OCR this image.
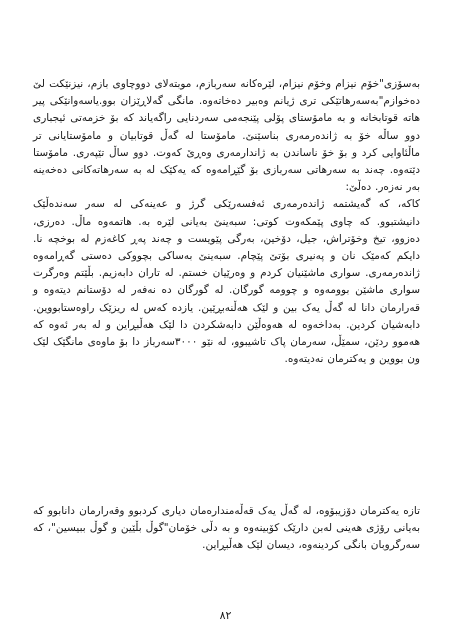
بەسۆزی"خۆم نیزام وخۆم نیزام، لێرەکانە سەربازم، موبتەلای دووچاوی بازم، نیزنێکت لێ دەخوازم"بەسەرهاتێکی تری ژیانم وەبیر دەخاتەوە. مانگی گەلاڕێزان بوو.یاسەوانێکی پیر هاتە قوتابخانە و بە مامۆستای پۆلی پێنجەمی سەردنایی راگەیاند کە بۆ خزمەتی ئیجباری دوو ساڵە خۆ بە ژاندەرمەری بناسێنێ. مامۆستا لە گەڵ قوتابیان و مامۆستایانی تر ماڵئاوایی کرد و بۆ خۆ ناساندن بە ژاندارمەری وەڕێ کەوت. دوو ساڵ تێپەری. مامۆستا دێتەوە. چەند بە سەرهاتی سەربازی بۆ گێڕامەوە کە یەکێک لە بە سەرهاتەکانی دەخەینە بەر نەزەر. دەڵێ:

کاکە، کە گەیشتمە ژاندەرمەری ئەفسەرێکی گرژ و عەینەکی لە سەر سەندەڵێک دانیشتبوو. کە چاوی پێمکەوت کوتی: سبەینێ بەیانی لێرە بە. هاتمەوە ماڵ. دەرزی، دەزوو، تیخ وخۆتراش، جیل، دۆخین، بەرگی پێویست و چەند پەڕ کاغەزم لە بوخچە نا. دایکم کەمێک نان و پەنیری بۆتێ پێچام. سبەینێ بەساکی بچووکی دەستی گەڕامەوە ژاندەرمەری. سواری ماشێنیان کردم و وەرێیان خستم. لە تاران دابەزیم. بڵێتم وەرگرت سواری ماشێن بوومەوە و چوومە گورگان. لە گورگان دە نەفەر لە دۆستانم دیتەوە و قەرارمان دانا لە گەڵ یەک بین و لێک هەڵنەبڕێین. یازدە کەس لە ریزێک راوەستابووین. دابەشیان کردین. بەداخەوە لە هەوەڵێن دابەشکردن دا لێک هەڵبڕاین و لە بەر ئەوە کە هەموو ردێن، سمێڵ، سەرمان پاک تاشیبوو، لە نێو ٣٠٠٠سەرباز دا بۆ ماوەی مانگێک لێک ون بووین و یەکترمان نەدیتەوە.

تازە یەکترمان دۆزیبۆوە، لە گەڵ یەک قەڵەمندارەمان دیاری کردبوو وقەرارمان دانابوو کە بەیانی رۆژی هەینی لەبن دارێک کۆبینەوە و بە دڵی خۆمان"گوڵ بڵێین و گوڵ ببیسین"، کە سەرگروبان بانگی کردینەوە، دیسان لێک هەڵبڕاین.

٨٢
